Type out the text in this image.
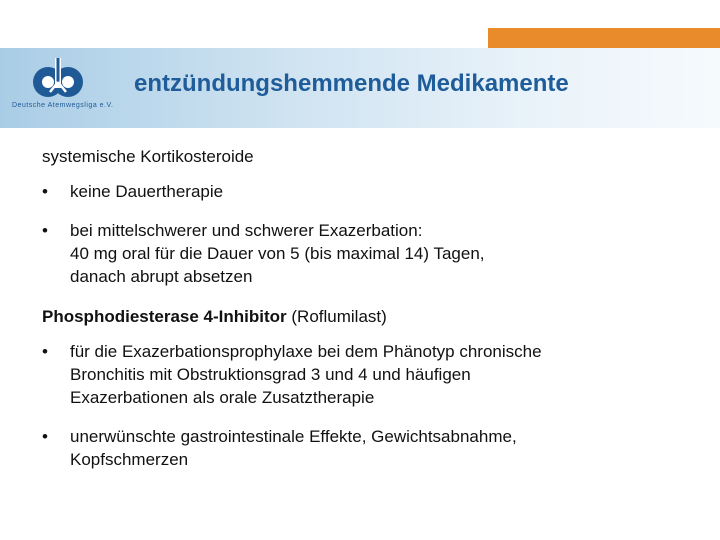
Deutsche Atemwegsliga e.V.
entzündungshemmende Medikamente

systemische Kortikosteroide

•	keine Dauertherapie
•	bei mittelschwerer und schwerer Exazerbation:
40 mg oral für die Dauer von 5 (bis maximal 14) Tagen,
danach abrupt absetzen

Phosphodiesterase 4-Inhibitor (Roflumilast)

•	für die Exazerbationsprophylaxe bei dem Phänotyp chronische
Bronchitis mit Obstruktionsgrad 3 und 4 und häufigen
Exazerbationen als orale Zusatztherapie
•	unerwünschte gastrointestinale Effekte, Gewichtsabnahme,
Kopfschmerzen
